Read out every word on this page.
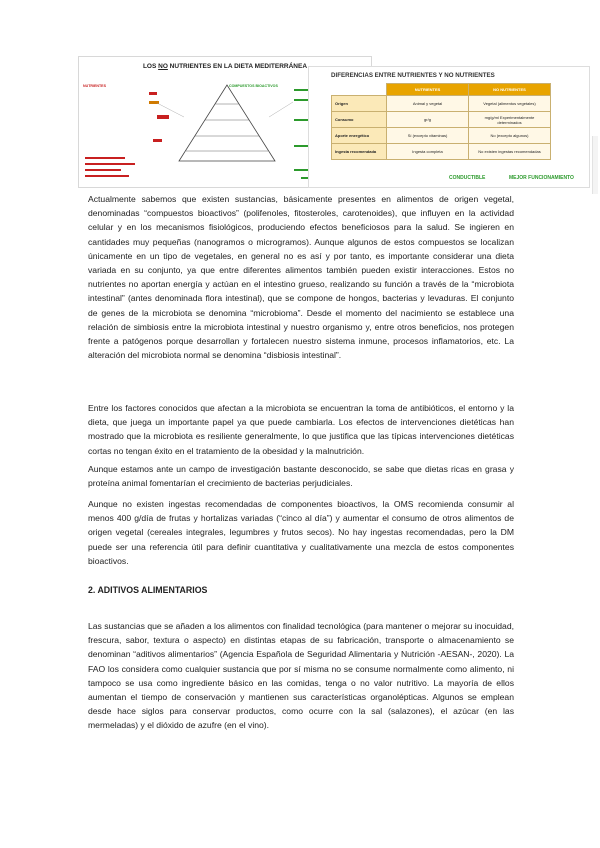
LOS NO NUTRIENTES EN LA DIETA MEDITERRÁNEA
NUTRIENTES	COMPUESTOS BIOACTIVOS
DIFERENCIAS ENTRE NUTRIENTES Y NO NUTRIENTES
	NUTRIENTES	NO NUTRIENTES
Origen	Animal y vegetal	Vegetal (alimentos vegetales)
Consumo	gr/g	mg/g/ml Experimentalmente determinados
Aporte energético	Sí (excepto vitaminas)	No (excepto algunos)
Ingesta recomendada	Ingesta completa	No existen ingestas recomendadas
CONDUCTIBLE	MEJOR FUNCIONAMIENTO

Actualmente sabemos que existen sustancias, básicamente presentes en alimentos de origen vegetal, denominadas “compuestos bioactivos” (polifenoles, fitosteroles, carotenoides), que influyen en la actividad celular y en los mecanismos fisiológicos, produciendo efectos beneficiosos para la salud. Se ingieren en cantidades muy pequeñas (nanogramos o microgramos). Aunque algunos de estos compuestos se localizan únicamente en un tipo de vegetales, en general no es así y por tanto, es importante considerar una dieta variada en su conjunto, ya que entre diferentes alimentos también pueden existir interacciones. Estos no nutrientes no aportan energía y actúan en el intestino grueso, realizando su función a través de la “microbiota intestinal” (antes denominada flora intestinal), que se compone de hongos, bacterias y levaduras. El conjunto de genes de la microbiota se denomina “microbioma”. Desde el momento del nacimiento se establece una relación de simbiosis entre la microbiota intestinal y nuestro organismo y, entre otros beneficios, nos protegen frente a patógenos porque desarrollan y fortalecen nuestro sistema inmune, procesos inflamatorios, etc. La alteración del microbiota normal se denomina “disbiosis intestinal”.

Entre los factores conocidos que afectan a la microbiota se encuentran la toma de antibióticos, el entorno y la dieta, que juega un importante papel ya que puede cambiarla. Los efectos de intervenciones dietéticas han mostrado que la microbiota es resiliente generalmente, lo que justifica que las típicas intervenciones dietéticas cortas no tengan éxito en el tratamiento de la obesidad y la malnutrición.

Aunque estamos ante un campo de investigación bastante desconocido, se sabe que dietas ricas en grasa y proteína animal fomentarían el crecimiento de bacterias perjudiciales.

Aunque no existen ingestas recomendadas de componentes bioactivos, la OMS recomienda consumir al menos 400 g/día de frutas y hortalizas variadas (“cinco al día”) y aumentar el consumo de otros alimentos de origen vegetal (cereales integrales, legumbres y frutos secos). No hay ingestas recomendadas, pero la DM puede ser una referencia útil para definir cuantitativa y cualitativamente una mezcla de estos componentes bioactivos.

2. ADITIVOS ALIMENTARIOS

Las sustancias que se añaden a los alimentos con finalidad tecnológica (para mantener o mejorar su inocuidad, frescura, sabor, textura o aspecto) en distintas etapas de su fabricación, transporte o almacenamiento se denominan “aditivos alimentarios” (Agencia Española de Seguridad Alimentaria y Nutrición -AESAN-, 2020). La FAO los considera como cualquier sustancia que por sí misma no se consume normalmente como alimento, ni tampoco se usa como ingrediente básico en las comidas, tenga o no valor nutritivo. La mayoría de ellos aumentan el tiempo de conservación y mantienen sus características organolépticas. Algunos se emplean desde hace siglos para conservar productos, como ocurre con la sal (salazones), el azúcar (en las mermeladas) y el dióxido de azufre (en el vino).
